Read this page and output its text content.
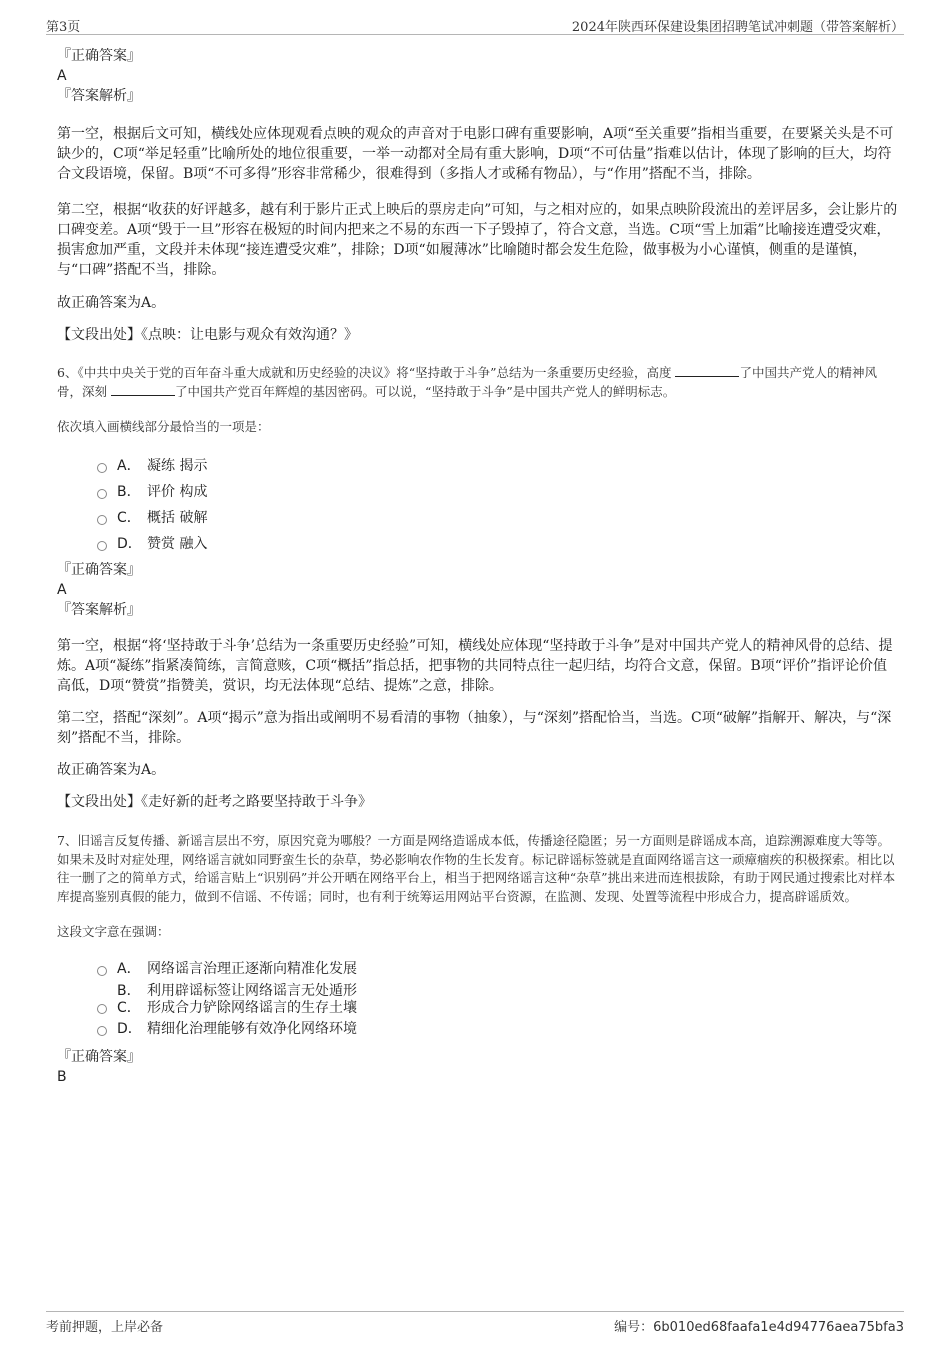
第3页	2024年陕西环保建设集团招聘笔试冲刺题（带答案解析）

『正确答案』

A

『答案解析』

第一空，根据后文可知，横线处应体现观看点映的观众的声音对于电影口碑有重要影响，A项“至关重要”指相当重要，在要紧关头是不可缺少的，C项“举足轻重”比喻所处的地位很重要，一举一动都对全局有重大影响，D项“不可估量”指难以估计，体现了影响的巨大，均符合文段语境，保留。B项“不可多得”形容非常稀少，很难得到（多指人才或稀有物品），与“作用”搭配不当，排除。

第二空，根据“收获的好评越多，越有利于影片正式上映后的票房走向”可知，与之相对应的，如果点映阶段流出的差评居多，会让影片的口碑变差。A项“毁于一旦”形容在极短的时间内把来之不易的东西一下子毁掉了，符合文意，当选。C项“雪上加霜”比喻接连遭受灾难，损害愈加严重，文段并未体现“接连遭受灾难”，排除；D项“如履薄冰”比喻随时都会发生危险，做事极为小心谨慎，侧重的是谨慎，与“口碑”搭配不当，排除。

故正确答案为A。

【文段出处】《点映：让电影与观众有效沟通？》

6、《中共中央关于党的百年奋斗重大成就和历史经验的决议》将“坚持敢于斗争”总结为一条重要历史经验，高度	了中国共产党人的精神风骨，深刻	了中国共产党百年辉煌的基因密码。可以说，“坚持敢于斗争”是中国共产党人的鲜明标志。

依次填入画横线部分最恰当的一项是：

A． 凝练 揭示
B． 评价 构成
C． 概括 破解
D． 赞赏 融入

『正确答案』

A

『答案解析』

第一空，根据“将‘坚持敢于斗争’总结为一条重要历史经验”可知，横线处应体现“坚持敢于斗争”是对中国共产党人的精神风骨的总结、提炼。A项“凝练”指紧凑简练，言简意赅，C项“概括”指总括，把事物的共同特点往一起归结，均符合文意，保留。B项“评价”指评论价值高低，D项“赞赏”指赞美，赏识，均无法体现“总结、提炼”之意，排除。

第二空，搭配“深刻”。A项“揭示”意为指出或阐明不易看清的事物（抽象），与“深刻”搭配恰当，当选。C项“破解”指解开、解决，与“深刻”搭配不当，排除。

故正确答案为A。

【文段出处】《走好新的赶考之路要坚持敢于斗争》

7、旧谣言反复传播、新谣言层出不穷，原因究竟为哪般？一方面是网络造谣成本低，传播途径隐匿；另一方面则是辟谣成本高，追踪溯源难度大等等。如果未及时对症处理，网络谣言就如同野蛮生长的杂草，势必影响农作物的生长发育。标记辟谣标签就是直面网络谣言这一顽瘴痼疾的积极探索。相比以往一删了之的简单方式，给谣言贴上“识别码”并公开晒在网络平台上，相当于把网络谣言这种“杂草”挑出来进而连根拔除，有助于网民通过搜索比对样本库提高鉴别真假的能力，做到不信谣、不传谣；同时，也有利于统筹运用网站平台资源，在监测、发现、处置等流程中形成合力，提高辟谣质效。

这段文字意在强调：

A． 网络谣言治理正逐渐向精准化发展
B． 利用辟谣标签让网络谣言无处遁形
C． 形成合力铲除网络谣言的生存土壤
D． 精细化治理能够有效净化网络环境

『正确答案』

B
考前押题，上岸必备	编号：6b010ed68faafa1e4d94776aea75bfa3
